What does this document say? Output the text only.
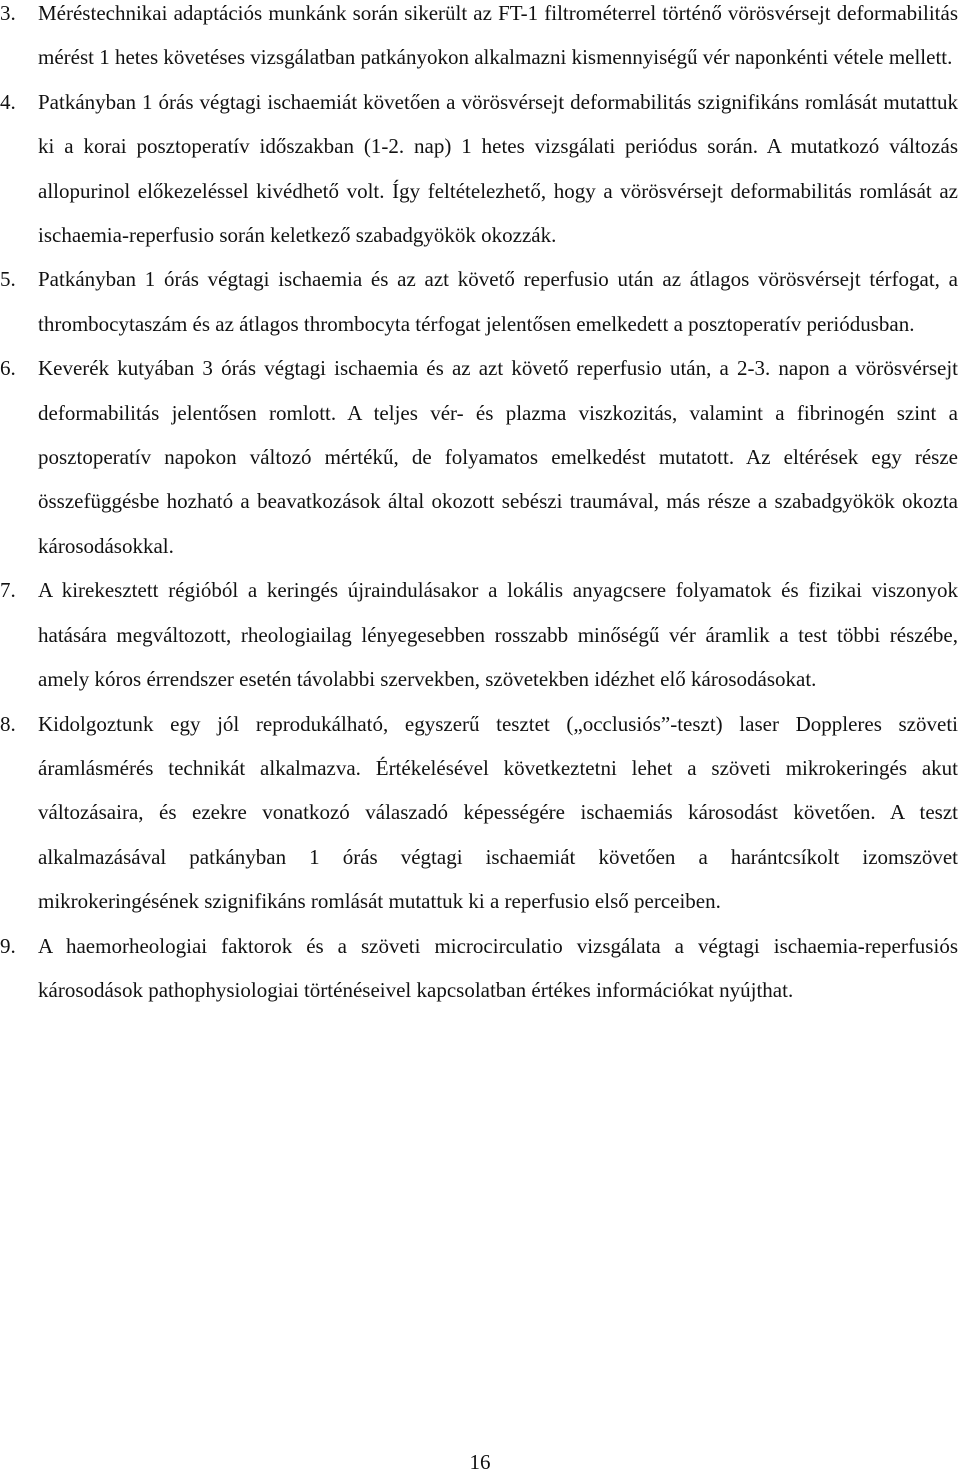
3.	Méréstechnikai adaptációs munkánk során sikerült az FT-1 filtrométerrel történő vörösvérsejt deformabilitás mérést 1 hetes követéses vizsgálatban patkányokon alkalmazni kismennyiségű vér naponkénti vétele mellett.

4.	Patkányban 1 órás végtagi ischaemiát követően a vörösvérsejt deformabilitás szignifikáns romlását mutattuk ki a korai posztoperatív időszakban (1-2. nap) 1 hetes vizsgálati periódus során. A mutatkozó változás allopurinol előkezeléssel kivédhető volt. Így feltételezhető, hogy a vörösvérsejt deformabilitás romlását az ischaemia-reperfusio során keletkező szabadgyökök okozzák.

5.	Patkányban 1 órás végtagi ischaemia és az azt követő reperfusio után az átlagos vörösvérsejt térfogat, a thrombocytaszám és az átlagos thrombocyta térfogat jelentősen emelkedett a posztoperatív periódusban.

6.	Keverék kutyában 3 órás végtagi ischaemia és az azt követő reperfusio után, a 2-3. napon a vörösvérsejt deformabilitás jelentősen romlott. A teljes vér- és plazma viszkozitás, valamint a fibrinogén szint a posztoperatív napokon változó mértékű, de folyamatos emelkedést mutatott. Az eltérések egy része összefüggésbe hozható a beavatkozások által okozott sebészi traumával, más része a szabadgyökök okozta károsodásokkal.

7.	A kirekesztett régióból a keringés újraindulásakor a lokális anyagcsere folyamatok és fizikai viszonyok hatására megváltozott, rheologiailag lényegesebben rosszabb minőségű vér áramlik a test többi részébe, amely kóros érrendszer esetén távolabbi szervekben, szövetekben idézhet elő károsodásokat.

8.	Kidolgoztunk egy jól reprodukálható, egyszerű tesztet („occlusiós”-teszt) laser Doppleres szöveti áramlásmérés technikát alkalmazva. Értékelésével következtetni lehet a szöveti mikrokeringés akut változásaira, és ezekre vonatkozó válaszadó képességére ischaemiás károsodást követően. A teszt alkalmazásával patkányban 1 órás végtagi ischaemiát követően a harántcsíkolt izomszövet mikrokeringésének szignifikáns romlását mutattuk ki a reperfusio első perceiben.

9.	A haemorheologiai faktorok és a szöveti microcirculatio vizsgálata a végtagi ischaemia-reperfusiós károsodások pathophysiologiai történéseivel kapcsolatban értékes információkat nyújthat.

16
